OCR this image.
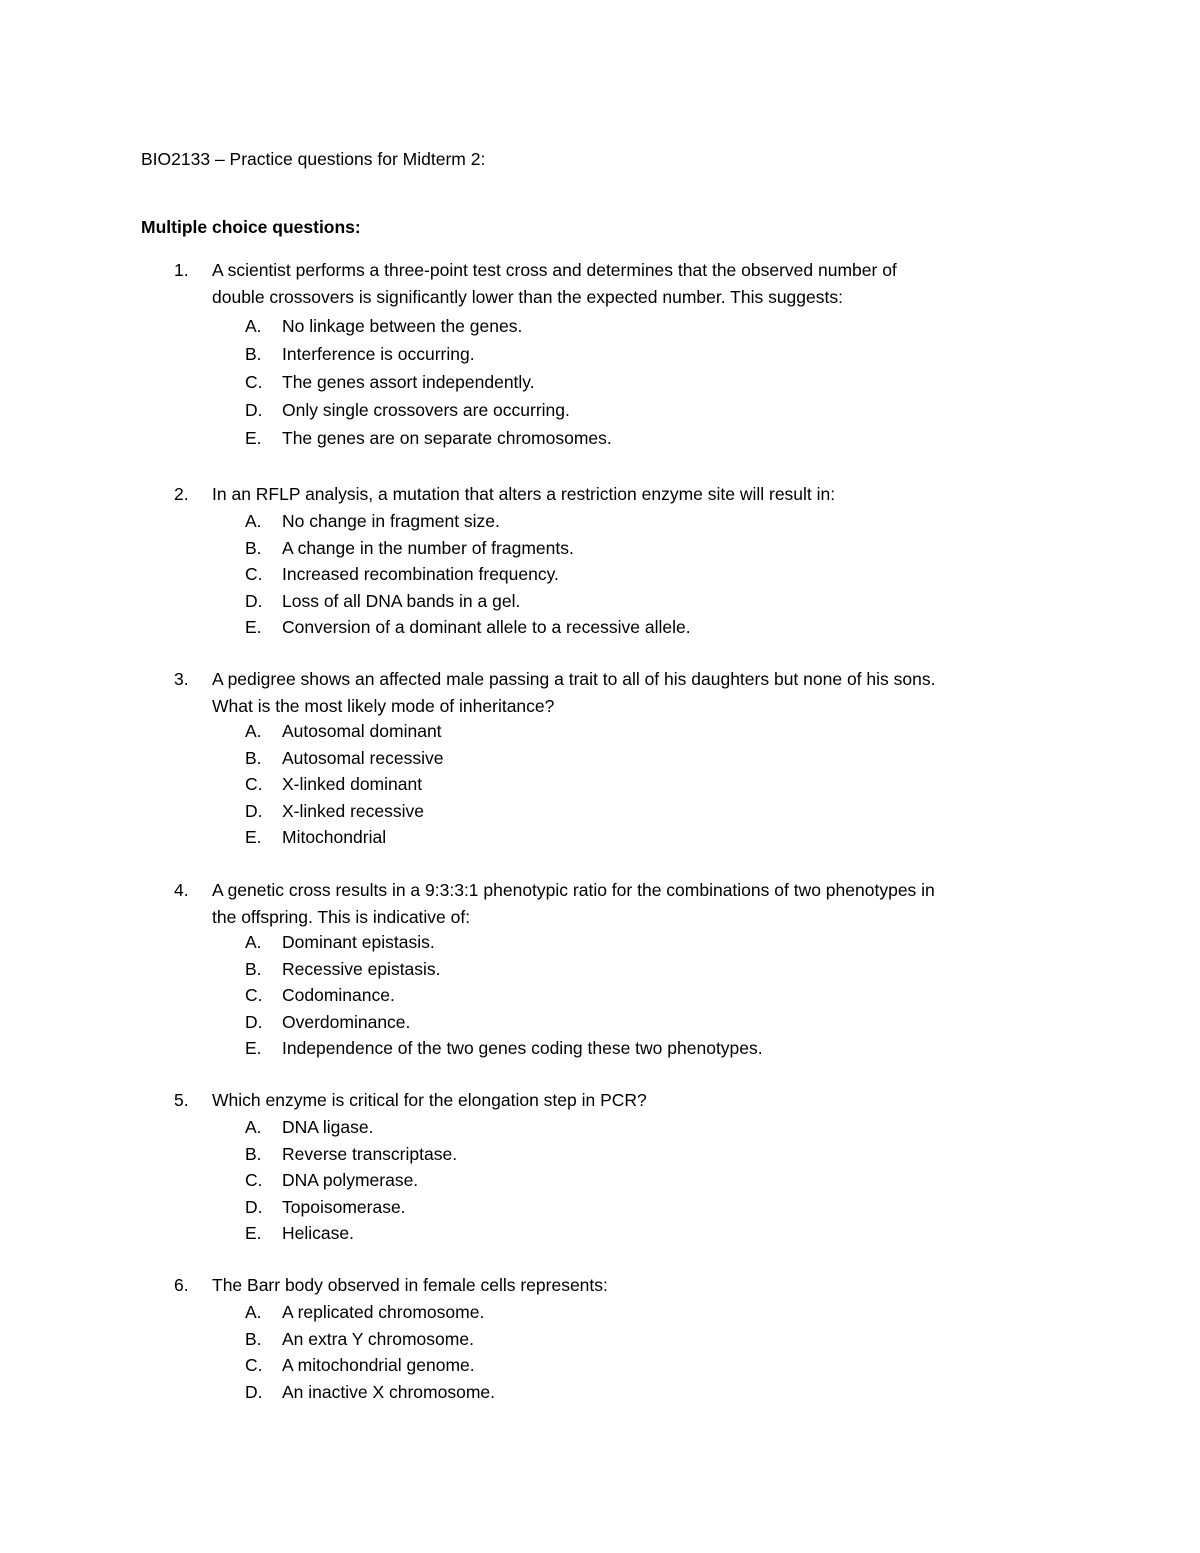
BIO2133 – Practice questions for Midterm 2:
Multiple choice questions:
1. A scientist performs a three-point test cross and determines that the observed number of
double crossovers is significantly lower than the expected number. This suggests:
A. No linkage between the genes.
B. Interference is occurring.
C. The genes assort independently.
D. Only single crossovers are occurring.
E. The genes are on separate chromosomes.
2. In an RFLP analysis, a mutation that alters a restriction enzyme site will result in:
A. No change in fragment size.
B. A change in the number of fragments.
C. Increased recombination frequency.
D. Loss of all DNA bands in a gel.
E. Conversion of a dominant allele to a recessive allele.
3. A pedigree shows an affected male passing a trait to all of his daughters but none of his sons.
What is the most likely mode of inheritance?
A. Autosomal dominant
B. Autosomal recessive
C. X-linked dominant
D. X-linked recessive
E. Mitochondrial
4. A genetic cross results in a 9:3:3:1 phenotypic ratio for the combinations of two phenotypes in
the offspring. This is indicative of:
A. Dominant epistasis.
B. Recessive epistasis.
C. Codominance.
D. Overdominance.
E. Independence of the two genes coding these two phenotypes.
5. Which enzyme is critical for the elongation step in PCR?
A. DNA ligase.
B. Reverse transcriptase.
C. DNA polymerase.
D. Topoisomerase.
E. Helicase.
6. The Barr body observed in female cells represents:
A. A replicated chromosome.
B. An extra Y chromosome.
C. A mitochondrial genome.
D. An inactive X chromosome.
